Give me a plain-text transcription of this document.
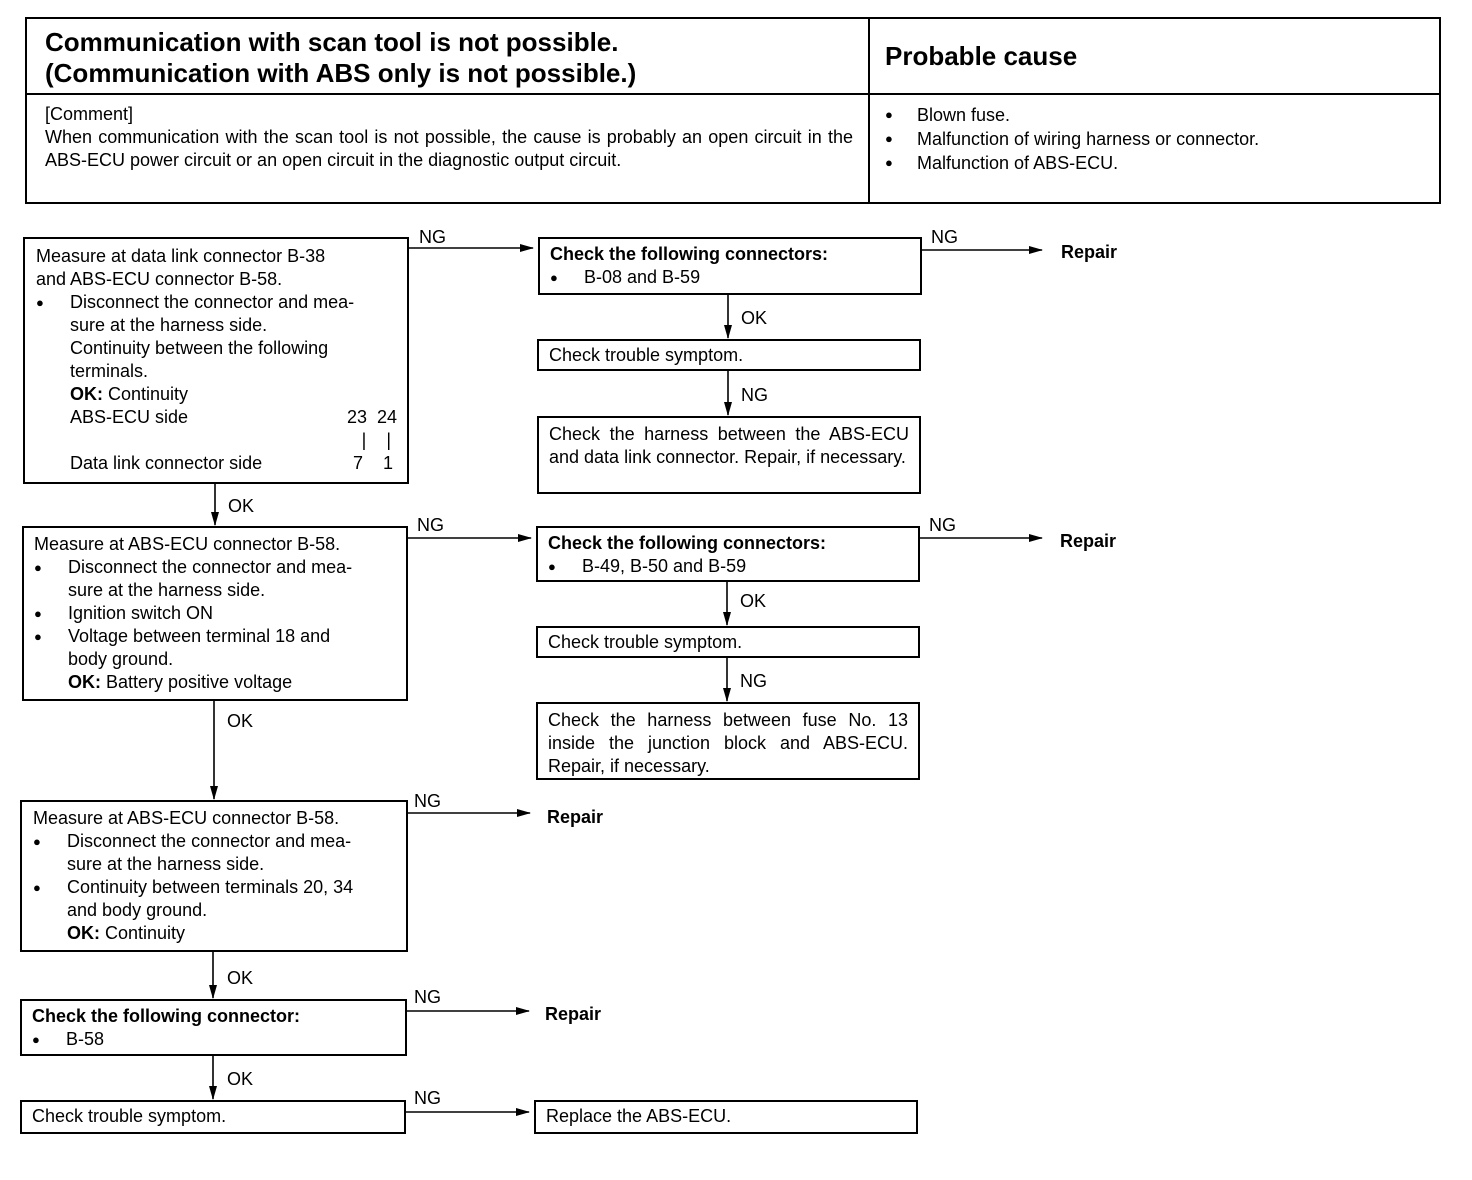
Communication with scan tool is not possible.
(Communication with ABS only is not possible.)
Probable cause
[Comment]
When communication with the scan tool is not possible, the cause is probably an open circuit in the ABS-ECU power circuit or an open circuit in the diagnostic output circuit.
● Blown fuse.
● Malfunction of wiring harness or connector.
● Malfunction of ABS-ECU.
Measure at data link connector B-38
and ABS-ECU connector B-58.
● Disconnect the connector and mea-
sure at the harness side.
Continuity between the following
terminals.
OK: Continuity
ABS-ECU side	23  24
|    |
Data link connector side	7    1
NG
Check the following connectors:
● B-08 and B-59
NG
Repair
OK
Check trouble symptom.
NG
Check the harness between the ABS-ECU and data link connector. Repair, if necessary.
OK
Measure at ABS-ECU connector B-58.
● Disconnect the connector and mea-
sure at the harness side.
● Ignition switch ON
● Voltage between terminal 18 and
body ground.
OK: Battery positive voltage
NG
Check the following connectors:
● B-49, B-50 and B-59
NG
Repair
OK
Check trouble symptom.
NG
Check the harness between fuse No. 13 inside the junction block and ABS-ECU. Repair, if necessary.
OK
Measure at ABS-ECU connector B-58.
● Disconnect the connector and mea-
sure at the harness side.
● Continuity between terminals 20, 34
and body ground.
OK: Continuity
NG
Repair
OK
Check the following connector:
● B-58
NG
Repair
OK
Check trouble symptom.
NG
Replace the ABS-ECU.
